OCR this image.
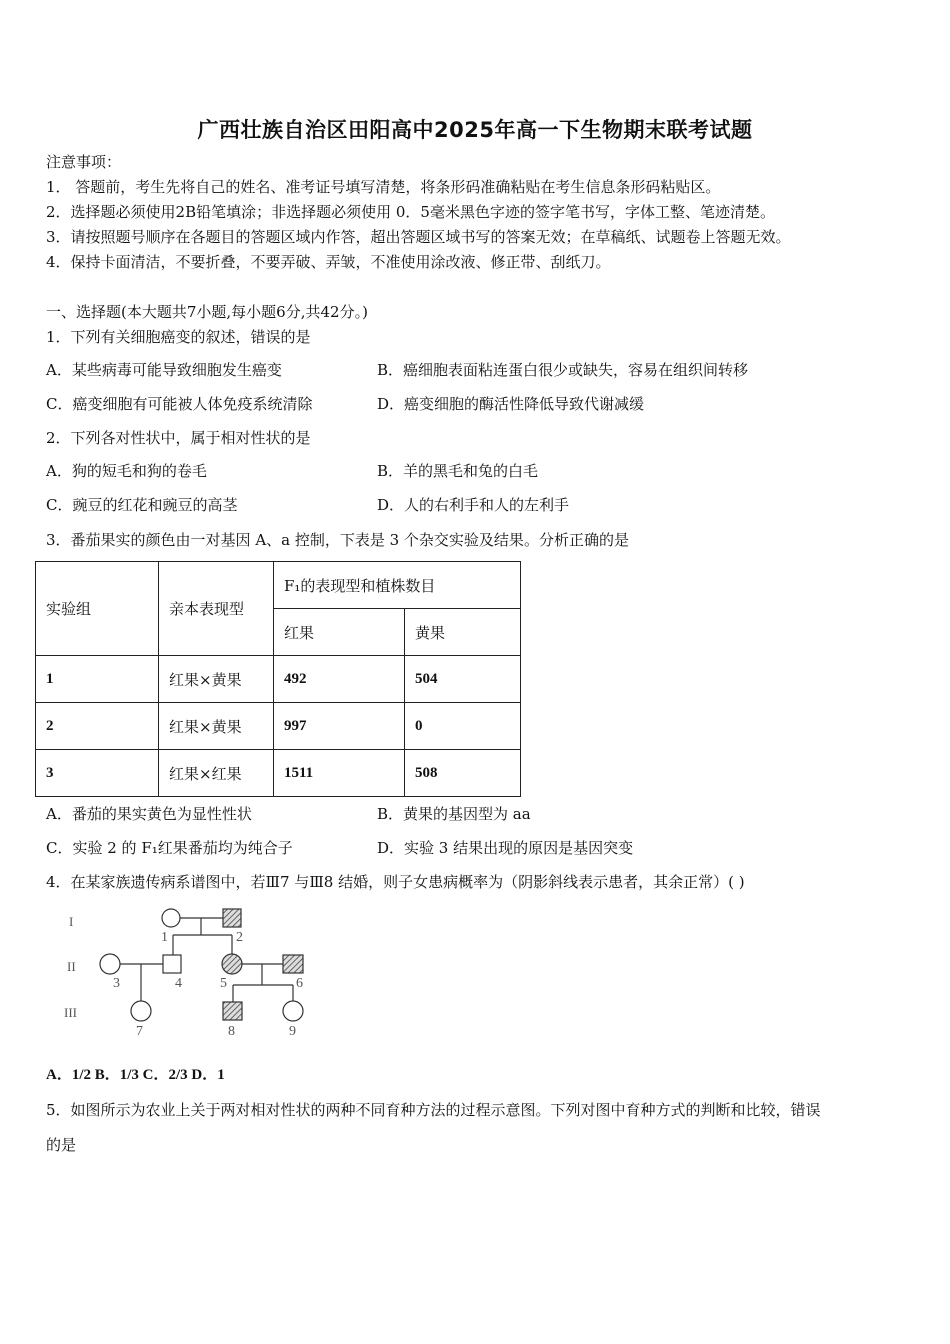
广西壮族自治区田阳高中2025年高一下生物期末联考试题
注意事项：
1． 答题前，考生先将自己的姓名、准考证号填写清楚，将条形码准确粘贴在考生信息条形码粘贴区。
2．选择题必须使用2B铅笔填涂；非选择题必须使用 0．5毫米黑色字迹的签字笔书写，字体工整、笔迹清楚。
3．请按照题号顺序在各题目的答题区域内作答，超出答题区域书写的答案无效；在草稿纸、试题卷上答题无效。
4．保持卡面清洁，不要折叠，不要弄破、弄皱，不准使用涂改液、修正带、刮纸刀。
一、选择题(本大题共7小题,每小题6分,共42分。)
1．下列有关细胞癌变的叙述，错误的是
A．某些病毒可能导致细胞发生癌变	B．癌细胞表面粘连蛋白很少或缺失，容易在组织间转移
C．癌变细胞有可能被人体免疫系统清除	D．癌变细胞的酶活性降低导致代谢减缓
2．下列各对性状中，属于相对性状的是
A．狗的短毛和狗的卷毛	B．羊的黑毛和兔的白毛
C．豌豆的红花和豌豆的高茎	D．人的右利手和人的左利手
3．番茄果实的颜色由一对基因 A、a 控制，下表是 3 个杂交实验及结果。分析正确的是
实验组	亲本表现型	F₁的表现型和植株数目	
		红果	黄果
1	红果×黄果	492	504
2	红果×黄果	997	0
3	红果×红果	1511	508
A．番茄的果实黄色为显性性状	B．黄果的基因型为 aa
C．实验 2 的 F₁红果番茄均为纯合子	D．实验 3 结果出现的原因是基因突变
4．在某家族遗传病系谱图中，若Ⅲ7 与Ⅲ8 结婚，则子女患病概率为（阴影斜线表示患者，其余正常）( )
I
II
III
1	2
3	4	5	6
7	8	9
A．1/2 B．1/3 C．2/3 D．1
5．如图所示为农业上关于两对相对性状的两种不同育种方法的过程示意图。下列对图中育种方式的判断和比较，错误
的是
